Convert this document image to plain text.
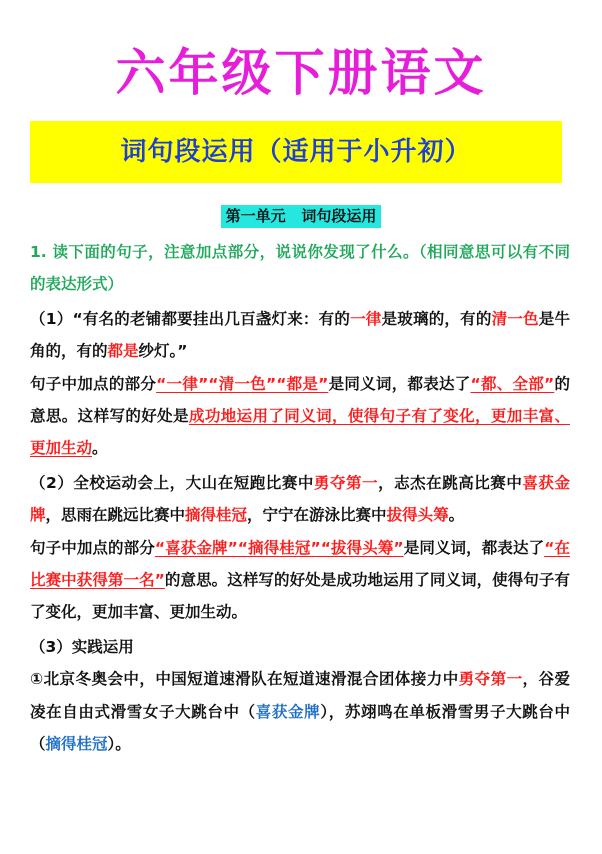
六年级下册语文
词句段运用（适用于小升初）
第一单元   词句段运用

1. 读下面的句子，注意加点部分，说说你发现了什么。（相同意思可以有不同的表达形式）

（1）“有名的老铺都要挂出几百盏灯来：有的一律是玻璃的，有的清一色是牛角的，有的都是纱灯。”

句子中加点的部分“一律”“清一色”“都是”是同义词，都表达了“都、全部”的意思。这样写的好处是成功地运用了同义词，使得句子有了变化，更加丰富、更加生动。

（2）全校运动会上，大山在短跑比赛中勇夺第一，志杰在跳高比赛中喜获金牌，思雨在跳远比赛中摘得桂冠，宁宁在游泳比赛中拔得头筹。

句子中加点的部分“喜获金牌”“摘得桂冠”“拔得头筹”是同义词，都表达了“在比赛中获得第一名”的意思。这样写的好处是成功地运用了同义词，使得句子有了变化，更加丰富、更加生动。

（3）实践运用

①北京冬奥会中，中国短道速滑队在短道速滑混合团体接力中勇夺第一，谷爱凌在自由式滑雪女子大跳台中（喜获金牌），苏翊鸣在单板滑雪男子大跳台中（摘得桂冠）。
